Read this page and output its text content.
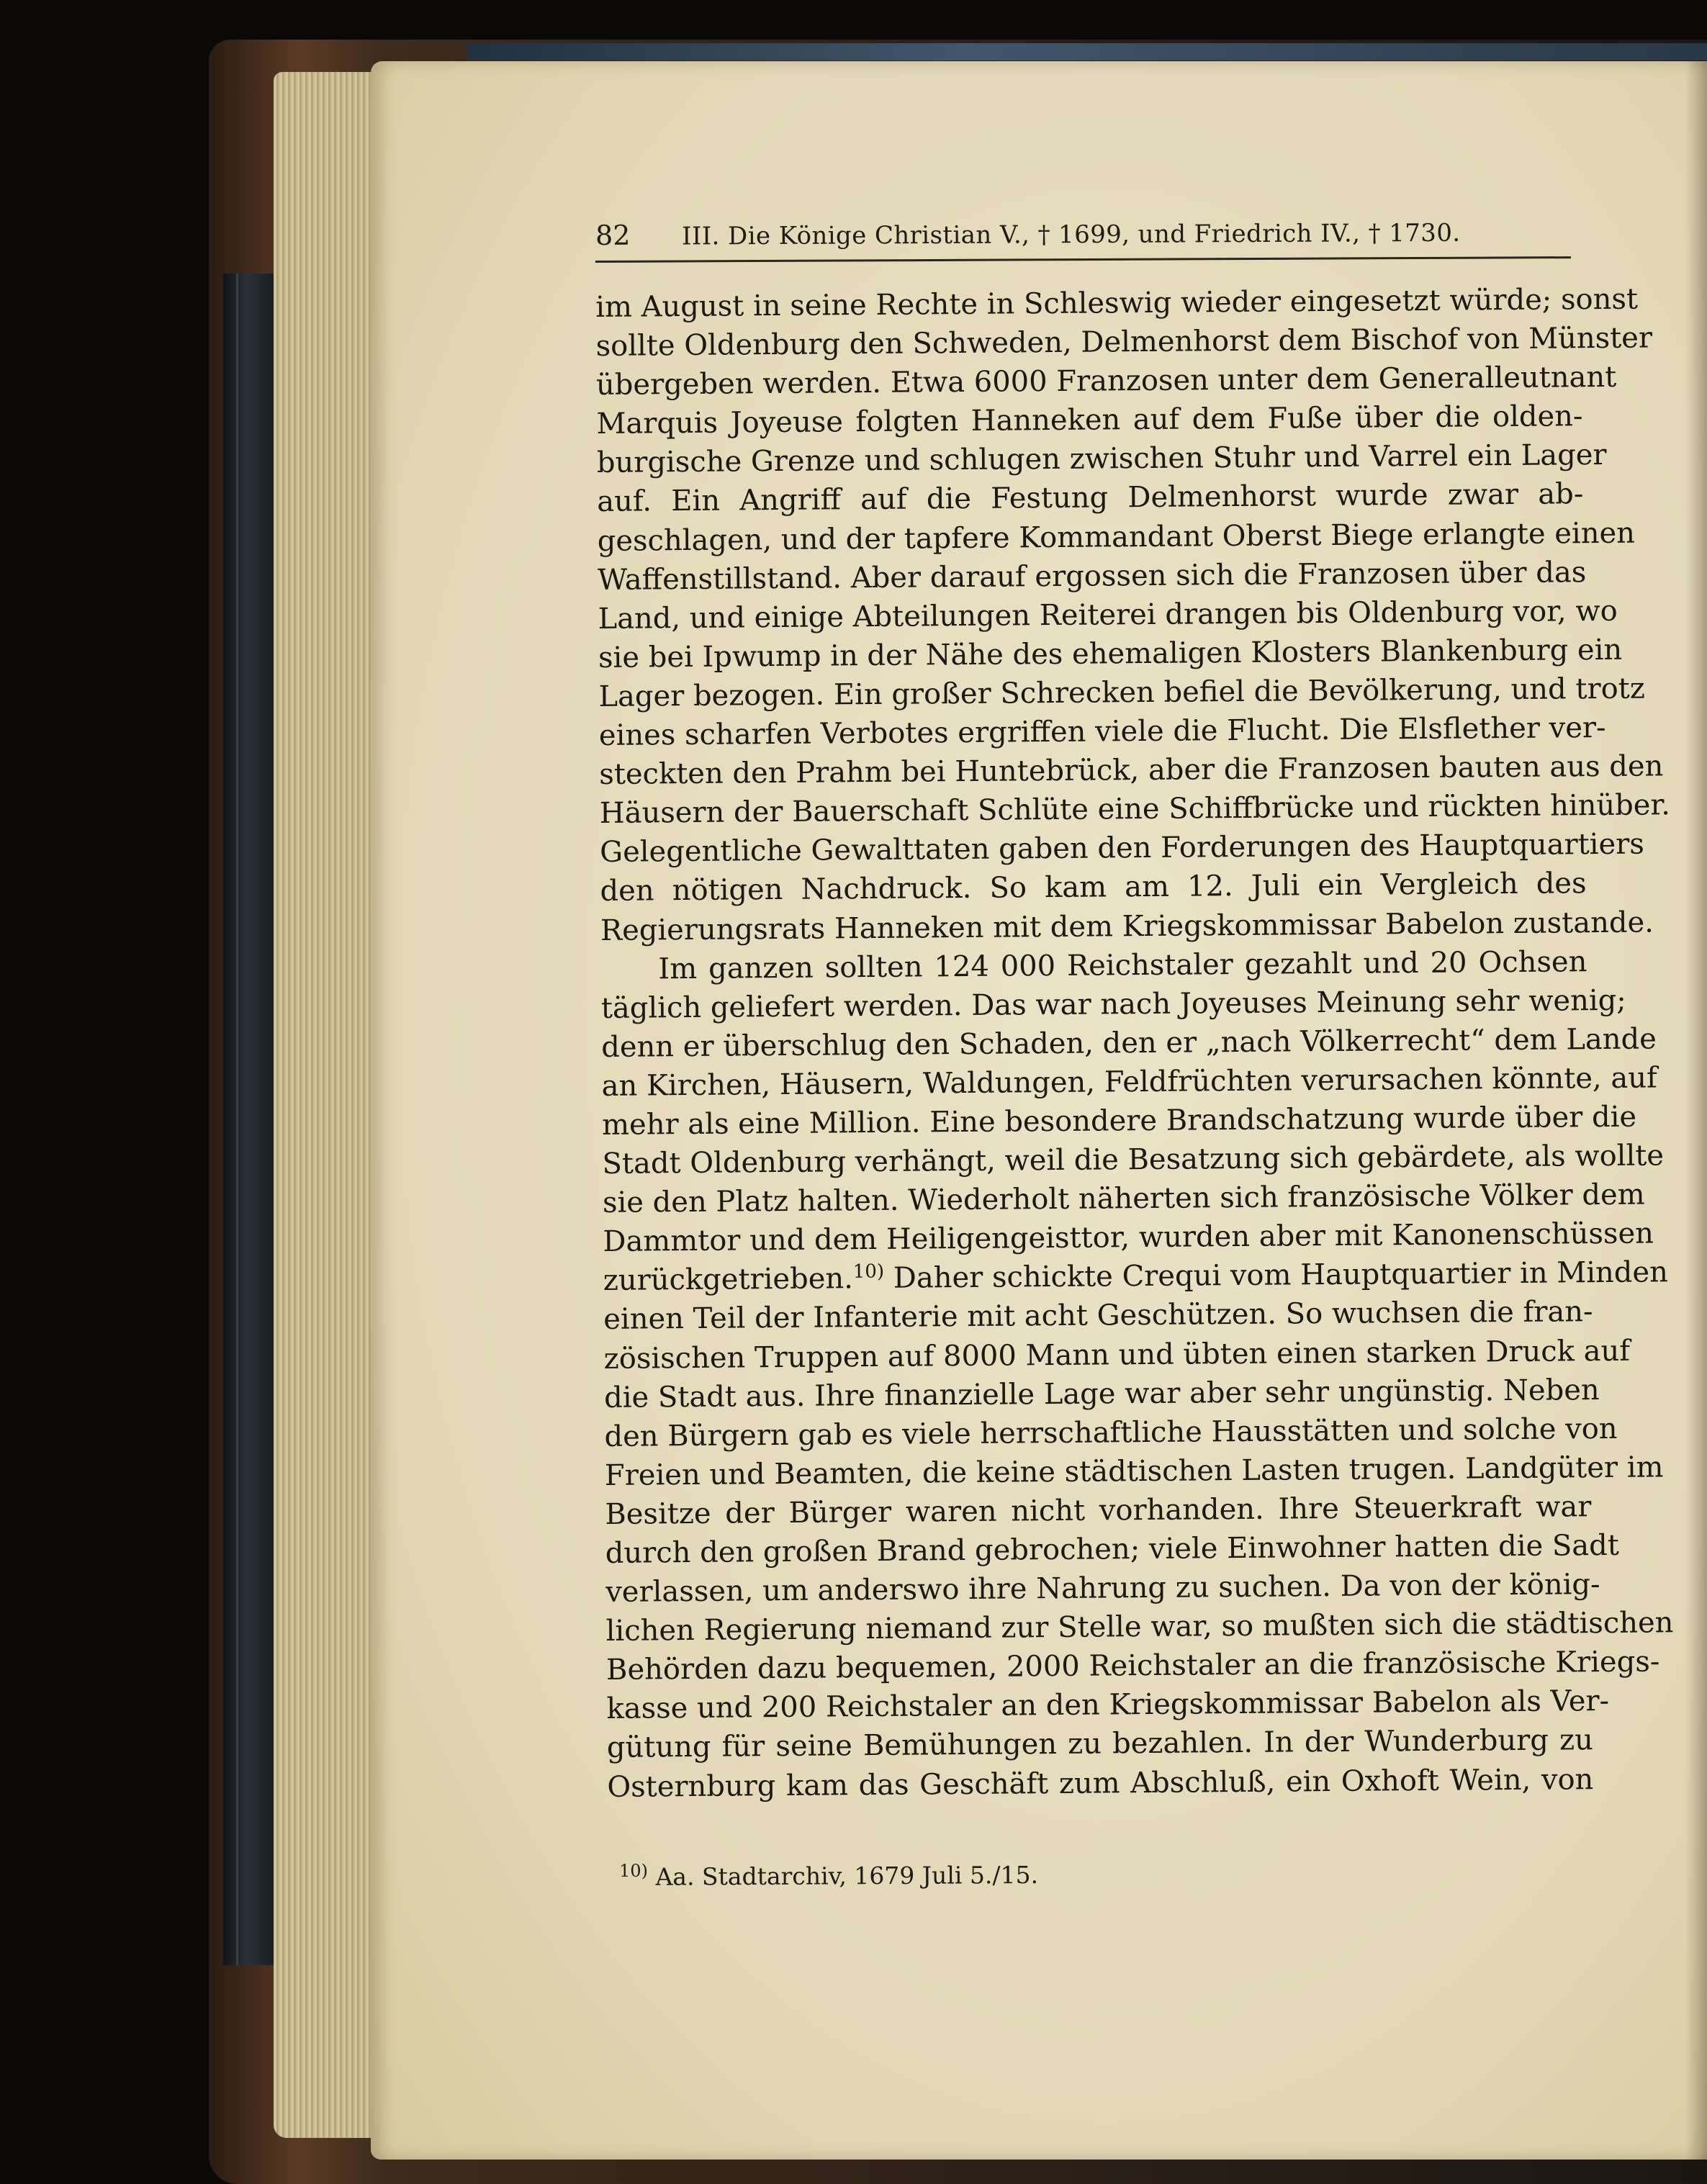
82	III. Die Könige Christian V., † 1699, und Friedrich IV., † 1730.
im August in seine Rechte in Schleswig wieder eingesetzt würde; sonst
sollte Oldenburg den Schweden, Delmenhorst dem Bischof von Münster
übergeben werden. Etwa 6000 Franzosen unter dem Generalleutnant
Marquis Joyeuse folgten Hanneken auf dem Fuße über die olden-
burgische Grenze und schlugen zwischen Stuhr und Varrel ein Lager
auf. Ein Angriff auf die Festung Delmenhorst wurde zwar ab-
geschlagen, und der tapfere Kommandant Oberst Biege erlangte einen
Waffenstillstand. Aber darauf ergossen sich die Franzosen über das
Land, und einige Abteilungen Reiterei drangen bis Oldenburg vor, wo
sie bei Ipwump in der Nähe des ehemaligen Klosters Blankenburg ein
Lager bezogen. Ein großer Schrecken befiel die Bevölkerung, und trotz
eines scharfen Verbotes ergriffen viele die Flucht. Die Elsflether ver-
steckten den Prahm bei Huntebrück, aber die Franzosen bauten aus den
Häusern der Bauerschaft Schlüte eine Schiffbrücke und rückten hinüber.
Gelegentliche Gewalttaten gaben den Forderungen des Hauptquartiers
den nötigen Nachdruck. So kam am 12. Juli ein Vergleich des
Regierungsrats Hanneken mit dem Kriegskommissar Babelon zustande.
Im ganzen sollten 124 000 Reichstaler gezahlt und 20 Ochsen
täglich geliefert werden. Das war nach Joyeuses Meinung sehr wenig;
denn er überschlug den Schaden, den er „nach Völkerrecht“ dem Lande
an Kirchen, Häusern, Waldungen, Feldfrüchten verursachen könnte, auf
mehr als eine Million. Eine besondere Brandschatzung wurde über die
Stadt Oldenburg verhängt, weil die Besatzung sich gebärdete, als wollte
sie den Platz halten. Wiederholt näherten sich französische Völker dem
Dammtor und dem Heiligengeisttor, wurden aber mit Kanonenschüssen
zurückgetrieben.$^{10)}$ Daher schickte Crequi vom Hauptquartier in Minden
einen Teil der Infanterie mit acht Geschützen. So wuchsen die fran-
zösischen Truppen auf 8000 Mann und übten einen starken Druck auf
die Stadt aus. Ihre finanzielle Lage war aber sehr ungünstig. Neben
den Bürgern gab es viele herrschaftliche Hausstätten und solche von
Freien und Beamten, die keine städtischen Lasten trugen. Landgüter im
Besitze der Bürger waren nicht vorhanden. Ihre Steuerkraft war
durch den großen Brand gebrochen; viele Einwohner hatten die Sadt
verlassen, um anderswo ihre Nahrung zu suchen. Da von der könig-
lichen Regierung niemand zur Stelle war, so mußten sich die städtischen
Behörden dazu bequemen, 2000 Reichstaler an die französische Kriegs-
kasse und 200 Reichstaler an den Kriegskommissar Babelon als Ver-
gütung für seine Bemühungen zu bezahlen. In der Wunderburg zu
Osternburg kam das Geschäft zum Abschluß, ein Oxhoft Wein, von
$^{10)}$ Aa. Stadtarchiv, 1679 Juli 5./15.
